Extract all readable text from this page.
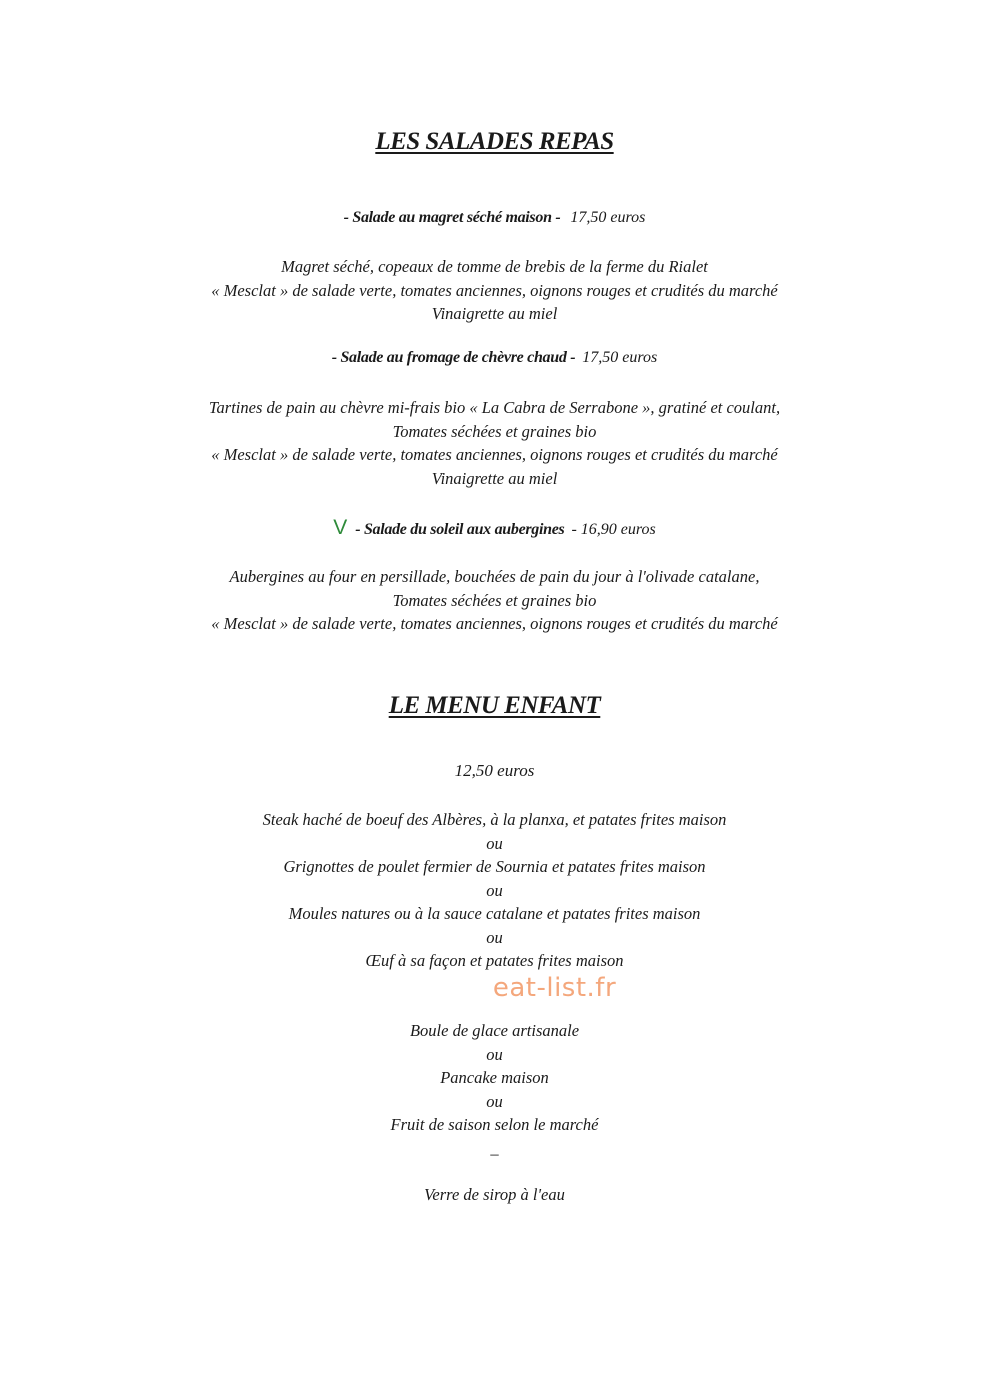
LES SALADES REPAS
- Salade au magret séché maison - 17,50 euros
Magret séché, copeaux de tomme de brebis de la ferme du Rialet
« Mesclat » de salade verte, tomates anciennes, oignons rouges et crudités du marché
Vinaigrette au miel
- Salade au fromage de chèvre chaud - 17,50 euros
Tartines de pain au chèvre mi-frais bio « La Cabra de Serrabone », gratiné et coulant,
Tomates séchées et graines bio
« Mesclat » de salade verte, tomates anciennes, oignons rouges et crudités du marché
Vinaigrette au miel
V - Salade du soleil aux aubergines - 16,90 euros
Aubergines au four en persillade, bouchées de pain du jour à l'olivade catalane,
Tomates séchées et graines bio
« Mesclat » de salade verte, tomates anciennes, oignons rouges et crudités du marché
LE MENU ENFANT
12,50 euros
Steak haché de boeuf des Albères, à la planxa, et patates frites maison
ou
Grignottes de poulet fermier de Sournia et patates frites maison
ou
Moules natures ou à la sauce catalane et patates frites maison
ou
Œuf à sa façon et patates frites maison
eat-list.fr
Boule de glace artisanale
ou
Pancake maison
ou
Fruit de saison selon le marché
–
Verre de sirop à l'eau
